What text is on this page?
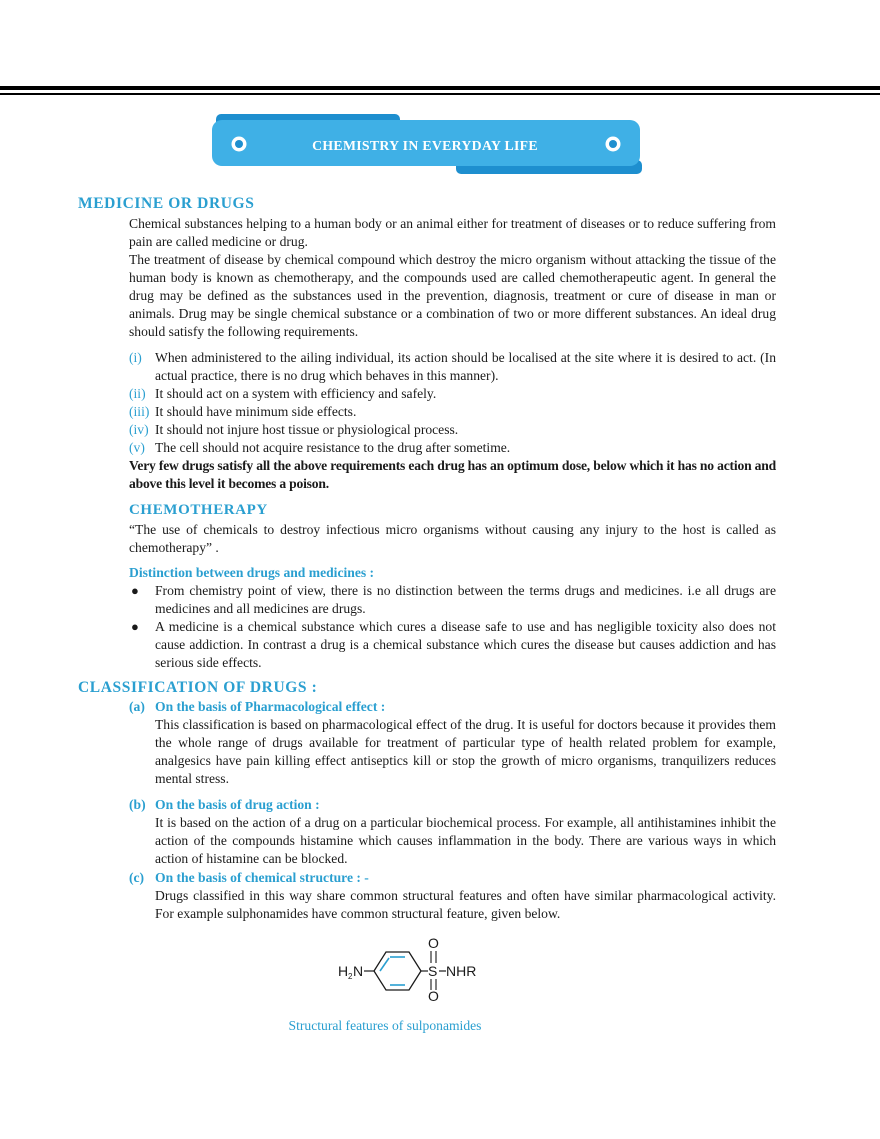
CHEMISTRY IN EVERYDAY LIFE
MEDICINE OR DRUGS

Chemical substances helping to a human body or an animal either for treatment of diseases or to reduce suffering from pain are called medicine or drug.

The treatment of disease by chemical compound which destroy the micro organism without attacking the tissue of the human body is known as chemotherapy, and the compounds used are called chemotherapeutic agent. In general the drug may be defined as the substances used in the prevention, diagnosis, treatment or cure of disease in man or animals. Drug may be single chemical substance or a combination of two or more different substances. An ideal drug should satisfy the following requirements.

(i) When administered to the ailing individual, its action should be localised at the site where it is desired to act. (In actual practice, there is no drug which behaves in this manner).
(ii) It should act on a system with efficiency and safely.
(iii) It should have minimum side effects.
(iv) It should not injure host tissue or physiological process.
(v) The cell should not acquire resistance to the drug after sometime.

Very few drugs satisfy all the above requirements each drug has an optimum dose, below which it has no action and above this level it becomes a poison.

CHEMOTHERAPY

“The use of chemicals to destroy infectious micro organisms without causing any injury to the host is called as chemotherapy” .

Distinction between drugs and medicines :
● From chemistry point of view, there is no distinction between the terms drugs and medicines. i.e all drugs are medicines and all medicines are drugs.
● A medicine is a chemical substance which cures a disease safe to use and has negligible toxicity also does not cause addiction. In contrast a drug is a chemical substance which cures the disease but causes addiction and has serious side effects.
CLASSIFICATION OF DRUGS :
(a) On the basis of Pharmacological effect :
This classification is based on pharmacological effect of the drug. It is useful for doctors because it provides them the whole range of drugs available for treatment of particular type of health related problem for example, analgesics have pain killing effect antiseptics kill or stop the growth of micro organisms, tranquilizers reduces mental stress.
(b) On the basis of drug action :
It is based on the action of a drug on a particular biochemical process. For example, all antihistamines inhibit the action of the compounds histamine which causes inflammation in the body. There are various ways in which action of histamine can be blocked.
(c) On the basis of chemical structure : -
Drugs classified in this way share common structural features and often have similar pharmacological activity. For example sulphonamides have common structural feature, given below.
H 2 N	S
O
O
NHR
Structural features of sulponamides
